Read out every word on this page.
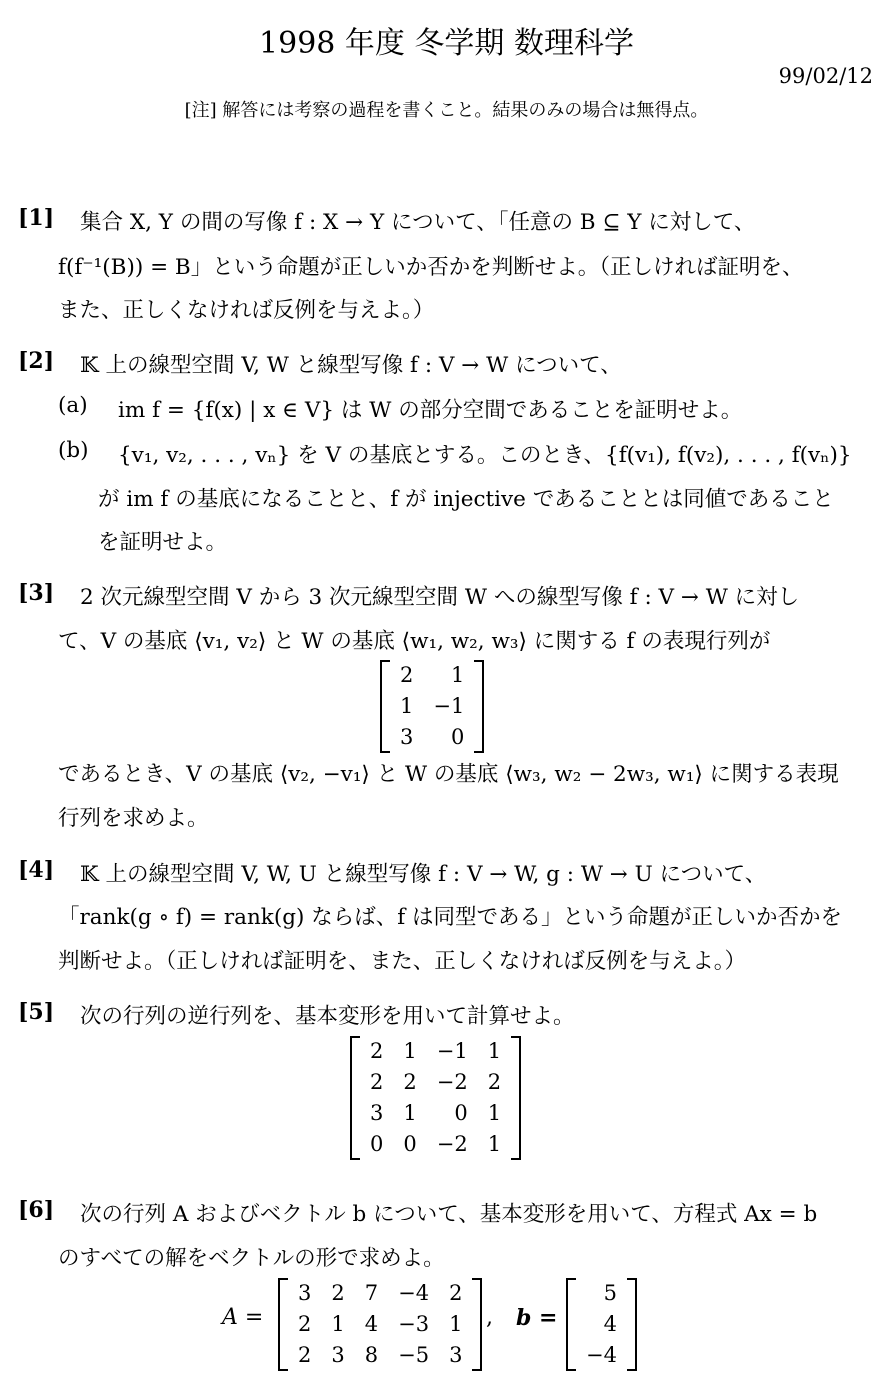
1998 年度 冬学期 数理科学
99/02/12
[注] 解答には考察の過程を書くこと。結果のみの場合は無得点。
[1] 集合 X, Y の間の写像 f : X → Y について、「任意の B ⊆ Y に対して、
f(f⁻¹(B)) = B」という命題が正しいか否かを判断せよ。（正しければ証明を、
また、正しくなければ反例を与えよ。）
[2] 𝕂 上の線型空間 V, W と線型写像 f : V → W について、
(a) im f = {f(x) | x ∈ V} は W の部分空間であることを証明せよ。
(b) {v₁, v₂, . . . , vₙ} を V の基底とする。このとき、{f(v₁), f(v₂), . . . , f(vₙ)}
が im f の基底になることと、f が injective であることとは同値であること
を証明せよ。
[3] 2 次元線型空間 V から 3 次元線型空間 W への線型写像 f : V → W に対し
て、V の基底 ⟨v₁, v₂⟩ と W の基底 ⟨w₁, w₂, w₃⟩ に関する f の表現行列が
2	1
1	−1
3	0
であるとき、V の基底 ⟨v₂, −v₁⟩ と W の基底 ⟨w₃, w₂ − 2w₃, w₁⟩ に関する表現
行列を求めよ。
[4] 𝕂 上の線型空間 V, W, U と線型写像 f : V → W, g : W → U について、
「rank(g ∘ f) = rank(g) ならば、f は同型である」という命題が正しいか否かを
判断せよ。（正しければ証明を、また、正しくなければ反例を与えよ。）
[5] 次の行列の逆行列を、基本変形を用いて計算せよ。
2	1	−1	1
2	2	−2	2
3	1	0	1
0	0	−2	1
[6] 次の行列 A およびベクトル b について、基本変形を用いて、方程式 Ax = b
のすべての解をベクトルの形で求めよ。
A =
3	2	7	−4	2
2	1	4	−3	1
2	3	8	−5	3
, b =
5
4
−4
